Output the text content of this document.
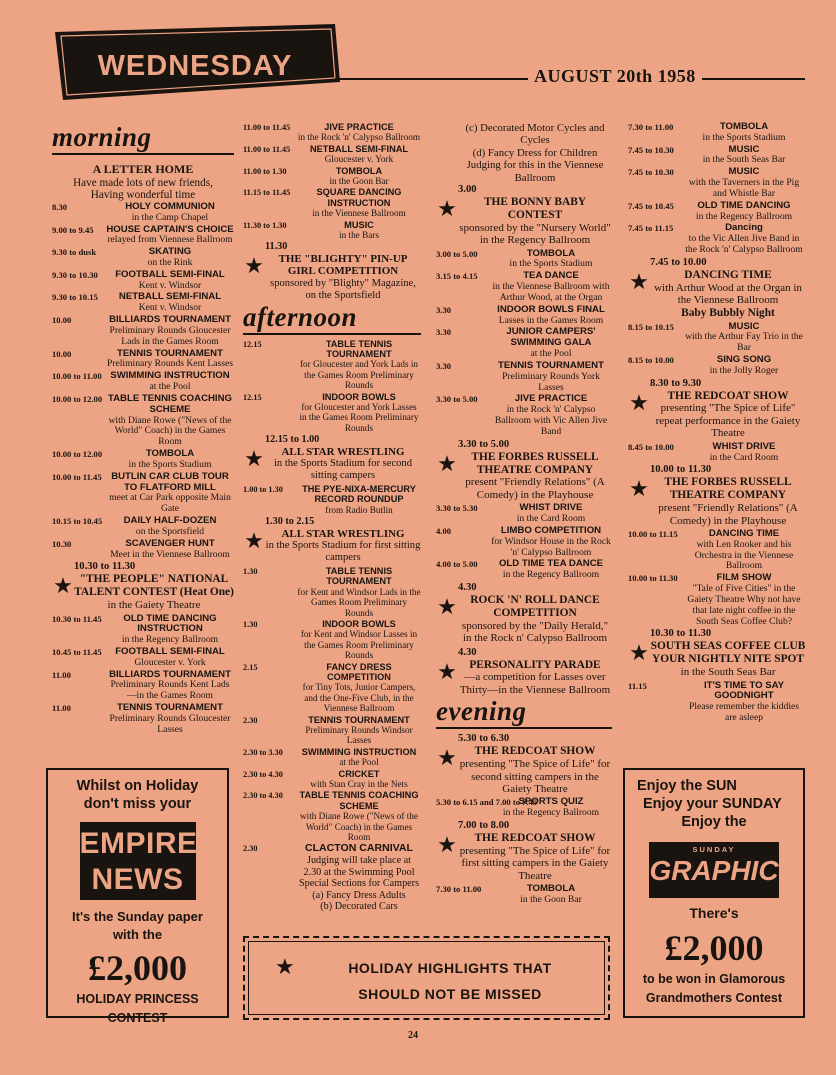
WEDNESDAY	AUGUST 20th 1958
morning
A LETTER HOME
Have made lots of new friends,
Having wonderful time
8.30	HOLY COMMUNION
in the Camp Chapel
9.00 to 9.45	HOUSE CAPTAIN'S CHOICE
relayed from Viennese Ballroom
9.30 to dusk	SKATING
on the Rink
9.30 to 10.30	FOOTBALL SEMI-FINAL
Kent v. Windsor
9.30 to 10.15	NETBALL SEMI-FINAL
Kent v. Windsor
10.00	BILLIARDS TOURNAMENT
Preliminary Rounds Gloucester Lads in the Games Room
10.00	TENNIS TOURNAMENT
Preliminary Rounds Kent Lasses
10.00 to 11.00 SWIMMING INSTRUCTION
at the Pool
10.00 to 12.00 TABLE TENNIS COACHING SCHEME
with Diane Rowe ("News of the World" Coach) in the Games Room
10.00 to 12.00	TOMBOLA
in the Sports Stadium
10.00 to 11.45 BUTLIN CAR CLUB TOUR TO FLATFORD MILL
meet at Car Park opposite Main Gate
10.15 to 10.45	DAILY HALF-DOZEN
on the Sportsfield
10.30	SCAVENGER HUNT
Meet in the Viennese Ballroom
★
10.30 to 11.30
"THE PEOPLE" NATIONAL TALENT CONTEST (Heat One)
in the Gaiety Theatre
10.30 to 11.45	OLD TIME DANCING INSTRUCTION
in the Regency Ballroom
10.45 to 11.45	FOOTBALL SEMI-FINAL
Gloucester v. York
11.00	BILLIARDS TOURNAMENT
Preliminary Rounds Kent Lads—in the Games Room
11.00	TENNIS TOURNAMENT
Preliminary Rounds Gloucester Lasses
11.00 to 11.45	JIVE PRACTICE
in the Rock 'n' Calypso Ballroom
11.00 to 11.45	NETBALL SEMI-FINAL
Gloucester v. York
11.00 to 1.30	TOMBOLA
in the Goon Bar
11.15 to 11.45	SQUARE DANCING INSTRUCTION
in the Viennese Ballroom
11.30 to 1.30	MUSIC
in the Bars
★
11.30
THE "BLIGHTY" PIN-UP GIRL COMPETITION
sponsored by "Blighty" Magazine, on the Sportsfield
afternoon
12.15	TABLE TENNIS TOURNAMENT
for Gloucester and York Lads in the Games Room Preliminary Rounds
12.15	INDOOR BOWLS
for Gloucester and York Lasses in the Games Room Preliminary Rounds
★
12.15 to 1.00
ALL STAR WRESTLING
in the Sports Stadium for second sitting campers
1.00 to 1.30	THE PYE-NIXA-MERCURY RECORD ROUNDUP
from Radio Butlin
★
1.30 to 2.15
ALL STAR WRESTLING
in the Sports Stadium for first sitting campers
1.30	TABLE TENNIS TOURNAMENT
for Kent and Windsor Lads in the Games Room Preliminary Rounds
1.30	INDOOR BOWLS
for Kent and Windsor Lasses in the Games Room Preliminary Rounds
2.15	FANCY DRESS COMPETITION
for Tiny Tots, Junior Campers, and the One-Five Club, in the Viennese Ballroom
2.30	TENNIS TOURNAMENT
Preliminary Rounds Windsor Lasses
2.30 to 3.30	SWIMMING INSTRUCTION
at the Pool
2.30 to 4.30	CRICKET
with Stan Cray in the Nets
2.30 to 4.30	TABLE TENNIS COACHING SCHEME
with Diane Rowe ("News of the World" Coach) in the Games Room
2.30	CLACTON CARNIVAL
Judging will take place at 2.30 at the Swimming Pool Special Sections for Campers
(a) Fancy Dress Adults
(b) Decorated Cars
(c) Decorated Motor Cycles and Cycles
(d) Fancy Dress for Children
Judging for this in the Viennese Ballroom
★
3.00
THE BONNY BABY CONTEST
sponsored by the "Nursery World" in the Regency Ballroom
3.00 to 5.00	TOMBOLA
in the Sports Stadium
3.15 to 4.15	TEA DANCE
in the Viennese Ballroom with Arthur Wood, at the Organ
3.30	INDOOR BOWLS FINAL
Lasses in the Games Room
3.30	JUNIOR CAMPERS' SWIMMING GALA
at the Pool
3.30	TENNIS TOURNAMENT
Preliminary Rounds York Lasses
3.30 to 5.00	JIVE PRACTICE
in the Rock 'n' Calypso Ballroom with Vic Allen Jive Band
★
3.30 to 5.00
THE FORBES RUSSELL THEATRE COMPANY
present "Friendly Relations" (A Comedy) in the Playhouse
3.30 to 5.30	WHIST DRIVE
in the Card Room
4.00	LIMBO COMPETITION
for Windsor House in the Rock 'n' Calypso Ballroom
4.00 to 5.00	OLD TIME TEA DANCE
in the Regency Ballroom
★
4.30
ROCK 'N' ROLL DANCE COMPETITION
sponsored by the "Daily Herald," in the Rock n' Calypso Ballroom
★
4.30
PERSONALITY PARADE
—a competition for Lasses over Thirty—in the Viennese Ballroom
evening
★
5.30 to 6.30
THE REDCOAT SHOW
presenting "The Spice of Life" for second sitting campers in the Gaiety Theatre
5.30 to 6.15 and 7.00 to 7.45
SPORTS QUIZ
in the Regency Ballroom
★
7.00 to 8.00
THE REDCOAT SHOW
presenting "The Spice of Life" for first sitting campers in the Gaiety Theatre
7.30 to 11.00	TOMBOLA
in the Goon Bar
7.30 to 11.00	TOMBOLA
in the Sports Stadium
7.45 to 10.30	MUSIC
in the South Seas Bar
7.45 to 10.30	MUSIC
with the Taverners in the Pig and Whistle Bar
7.45 to 10.45	OLD TIME DANCING
in the Regency Ballroom
7.45 to 11.15	Dancing
to the Vic Allen Jive Band in the Rock 'n' Calypso Ballroom
★
7.45 to 10.00
DANCING TIME
with Arthur Wood at the Organ in the Viennese Ballroom
Baby Bubbly Night
8.15 to 10.15	MUSIC
with the Arthur Fay Trio in the Bar
8.15 to 10.00	SING SONG
in the Jolly Roger
★
8.30 to 9.30
THE REDCOAT SHOW
presenting "The Spice of Life" repeat performance in the Gaiety Theatre
8.45 to 10.00	WHIST DRIVE
in the Card Room
★
10.00 to 11.30
THE FORBES RUSSELL THEATRE COMPANY
present "Friendly Relations" (A Comedy) in the Playhouse
10.00 to 11.15	DANCING TIME
with Len Rooker and his Orchestra in the Viennese Ballroom
10.00 to 11.30	FILM SHOW
"Tale of Five Cities" in the Gaiety Theatre Why not have that late night coffee in the South Seas Coffee Club?
★
10.30 to 11.30
SOUTH SEAS COFFEE CLUB YOUR NIGHTLY NITE SPOT
in the South Seas Bar
11.15	IT'S TIME TO SAY GOODNIGHT
Please remember the kiddies are asleep
Whilst on Holiday
don't miss your
EMPIRE
NEWS
It's the Sunday paper
with the
£2,000
HOLIDAY PRINCESS
CONTEST
★	HOLIDAY HIGHLIGHTS THAT
SHOULD NOT BE MISSED
Enjoy the SUN
Enjoy your SUNDAY
Enjoy the
SUNDAY
GRAPHIC
There's
£2,000
to be won in Glamorous
Grandmothers Contest
24
